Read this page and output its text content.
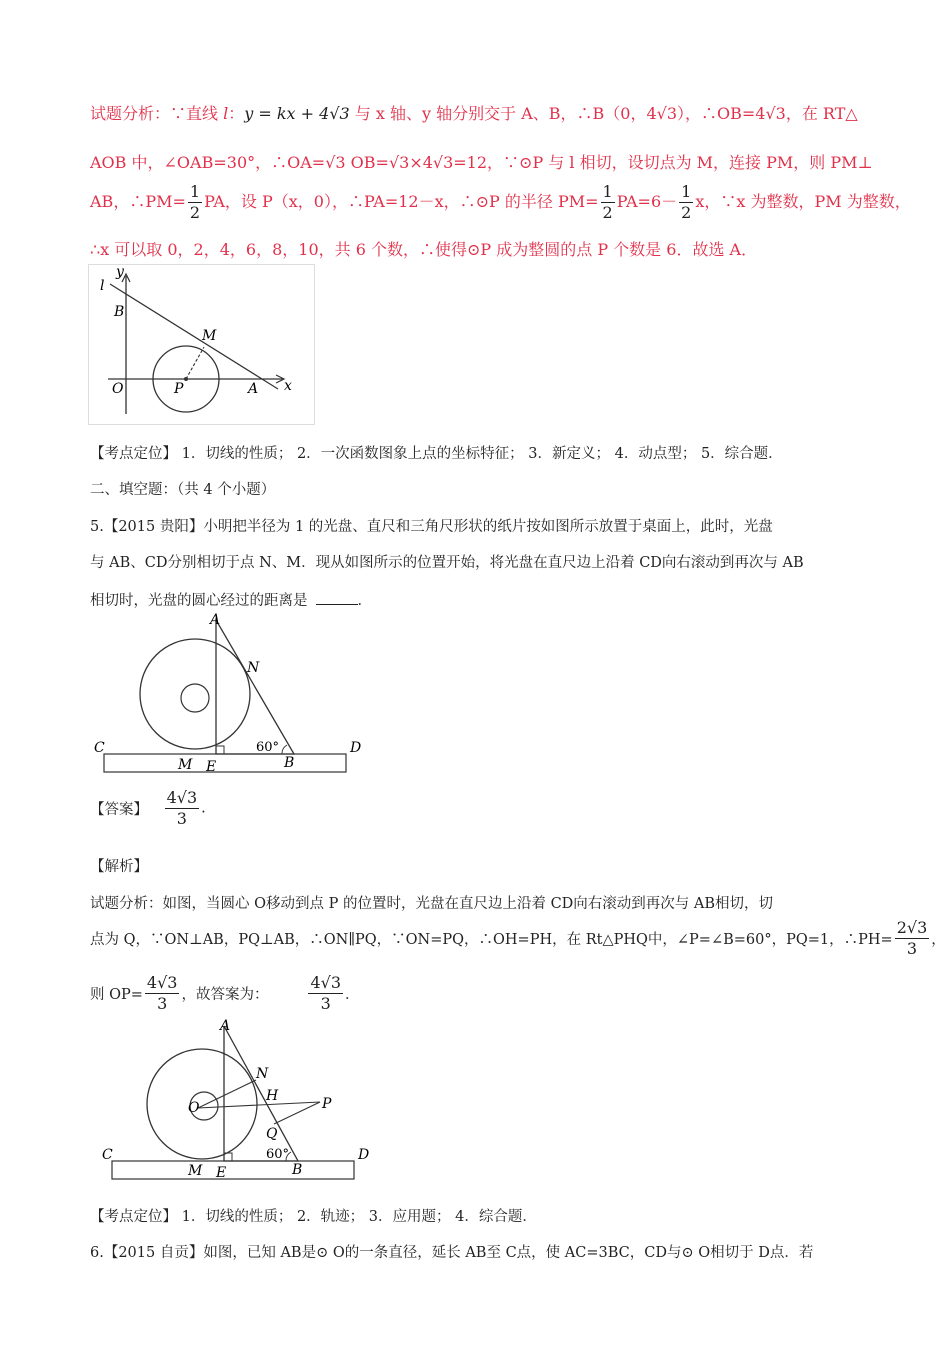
试题分析：∵直线 l：y = kx + 4√3 与 x 轴、y 轴分别交于 A、B，∴B（0，4√3），∴OB=4√3，在 RT△
AOB 中，∠OAB=30°，∴OA=√3 OB=√3×4√3=12，∵⊙P 与 l 相切，设切点为 M，连接 PM，则 PM⊥
AB，∴PM= $\frac{1}{2}$ PA，设 P（x，0），∴PA=12－x，∴⊙P 的半径 $PM= \frac{1}{2} PA=6- \frac{1}{2}$ x，∵x 为整数，PM 为整数，
∴x 可以取 0，2，4，6，8，10，共 6 个数，∴使得⊙P 成为整圆的点 P 个数是 6．故选 A．
l
y
B
M
O	P	A x
【考点定位】 1．切线的性质； 2．一次函数图象上点的坐标特征； 3．新定义； 4．动点型； 5．综合题．
二、填空题：（共 4 个小题）
5.【2015 贵阳】小明把半径为 1 的光盘、直尺和三角尺形状的纸片按如图所示放置于桌面上，此时，光盘
与 AB、CD分别相切于点 N、M．现从如图所示的位置开始，将光盘在直尺边上沿着 CD向右滚动到再次与 AB
相切时，光盘的圆心经过的距离是	．
A
N
C	D
60°
M E	B
【答案】 $\frac{4√3}{3}$ .
【解析】
试题分析：如图，当圆心 O移动到点 P 的位置时，光盘在直尺边上沿着 CD向右滚动到再次与 AB相切，切
点为 Q，∵ON⊥AB，PQ⊥AB，∴ON∥PQ，∵ON=PQ，∴OH=PH，在 Rt△PHQ中，∠P=∠B=60°，PQ=1，∴PH= $\frac{2√3}{3}$ ，
则 $OP= \frac{4√3}{3}$ ，故答案为：	$\frac{4√3}{3}$ ．
A
N
H
O	P
Q
C	D
60°
M E	B
【考点定位】 1．切线的性质； 2．轨迹； 3．应用题； 4．综合题．
6.【2015 自贡】如图，已知 AB是⊙ O的一条直径，延长 AB至 C点，使 AC=3BC，CD与⊙ O相切于 D点．若
